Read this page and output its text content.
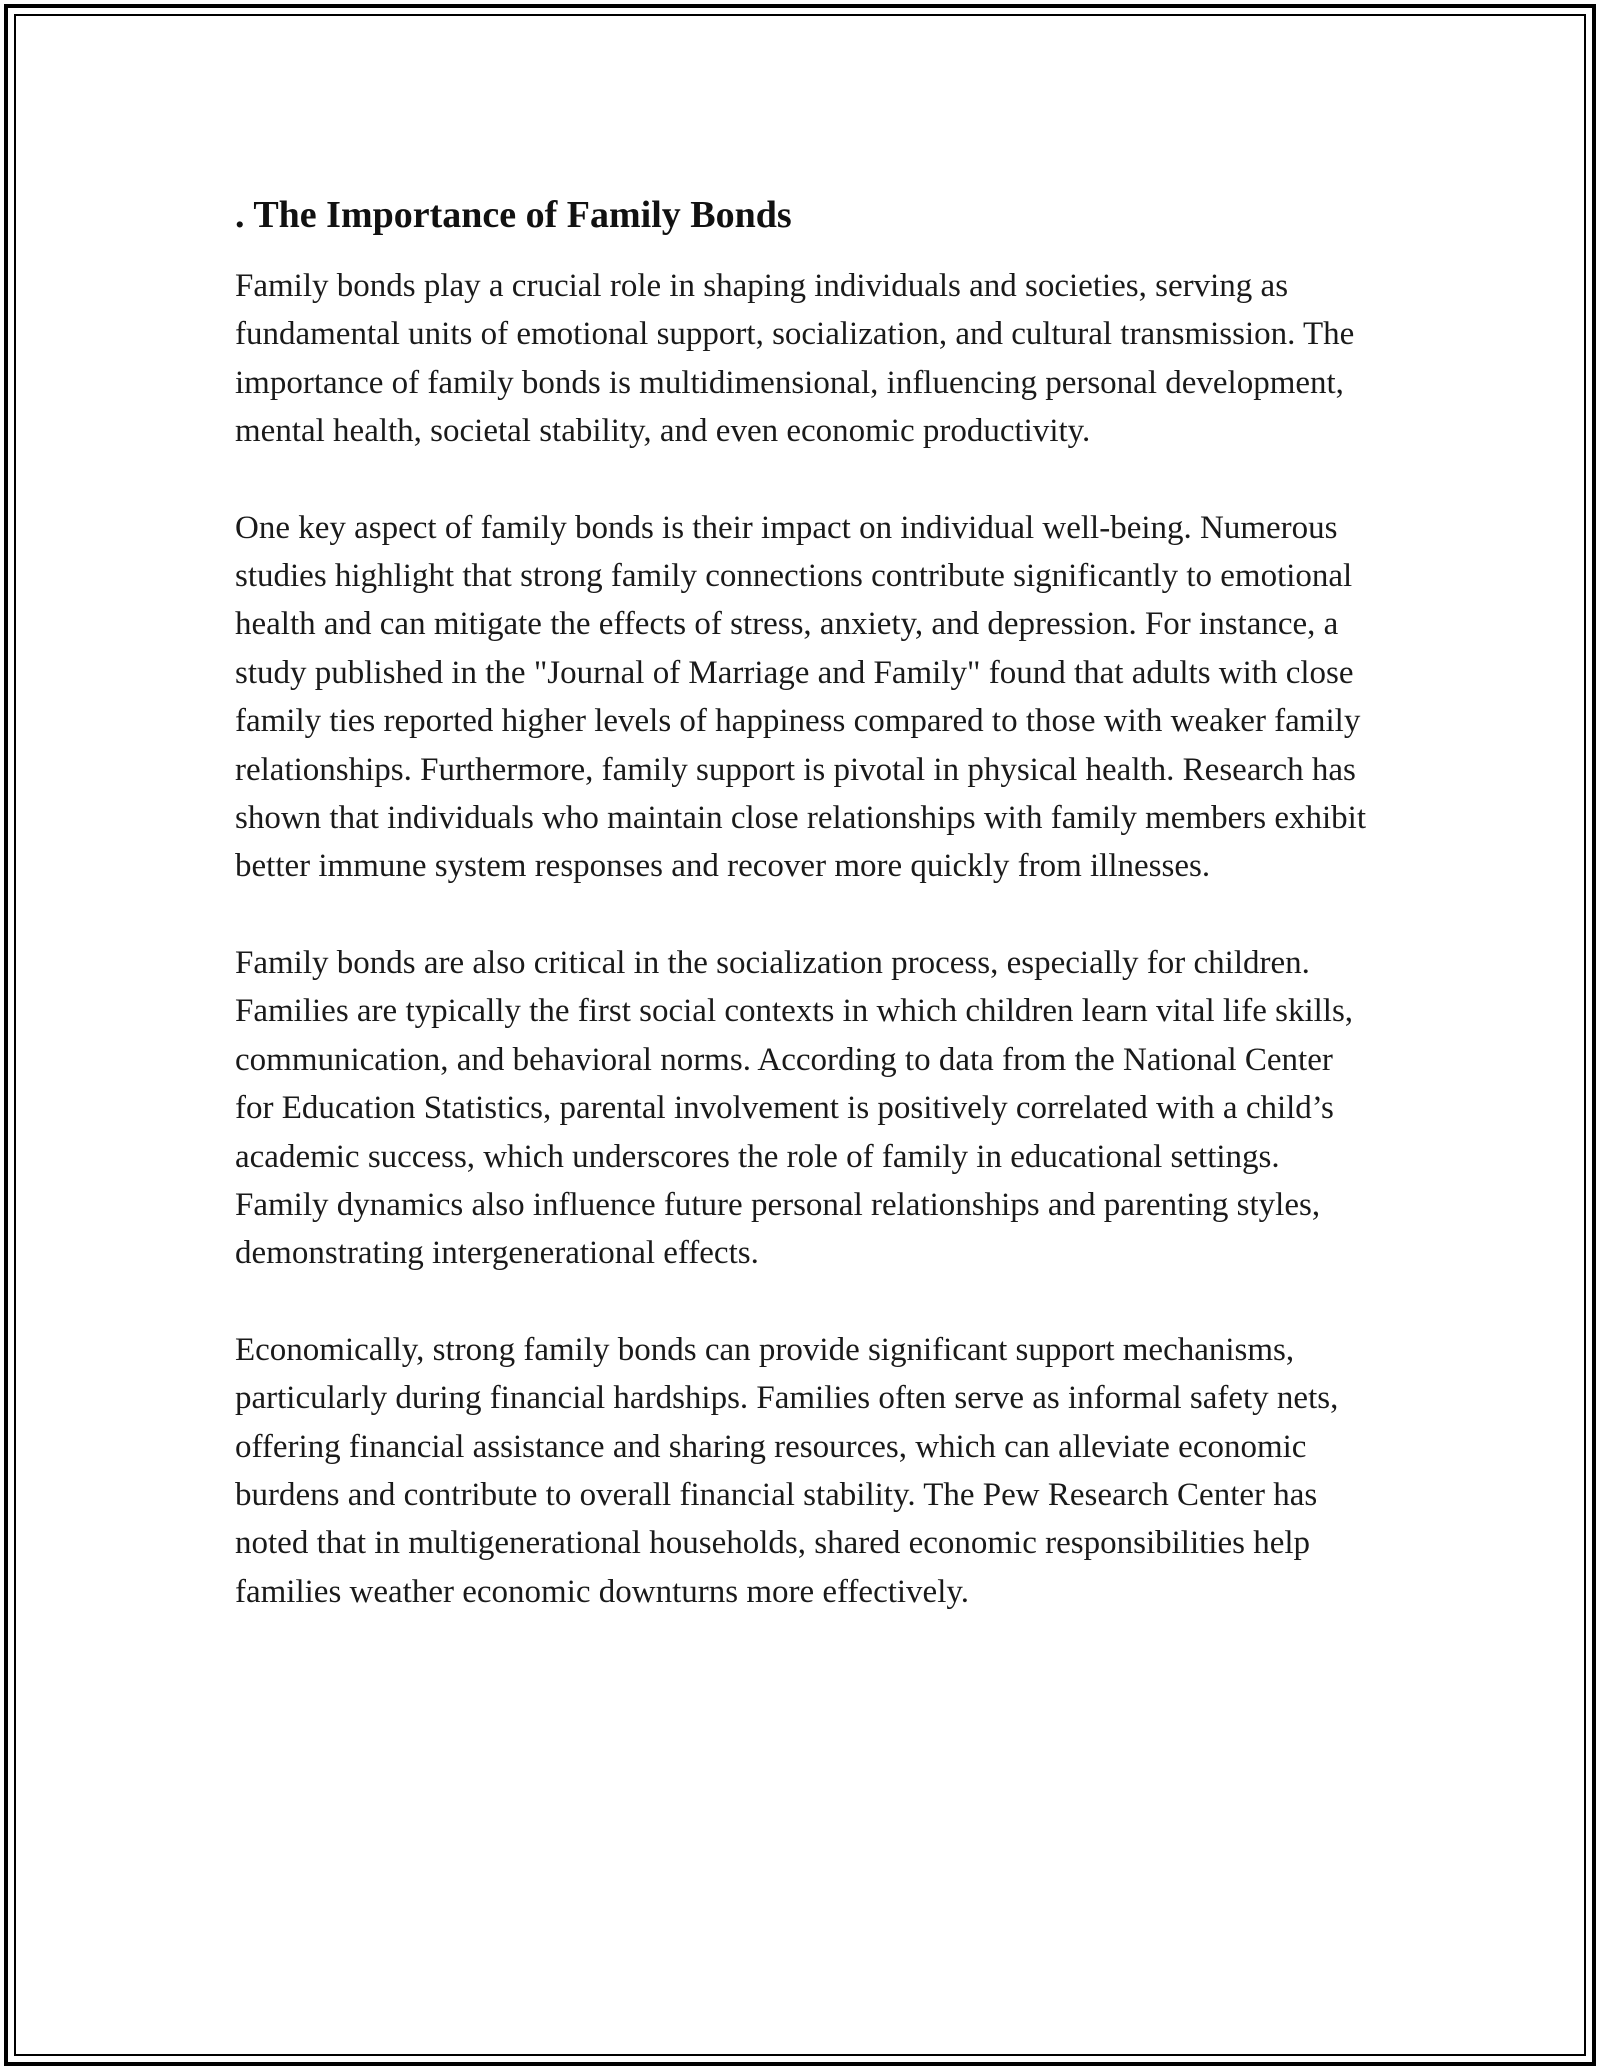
. The Importance of Family Bonds

Family bonds play a crucial role in shaping individuals and societies, serving as fundamental units of emotional support, socialization, and cultural transmission. The importance of family bonds is multidimensional, influencing personal development, mental health, societal stability, and even economic productivity.

One key aspect of family bonds is their impact on individual well-being. Numerous studies highlight that strong family connections contribute significantly to emotional health and can mitigate the effects of stress, anxiety, and depression. For instance, a study published in the "Journal of Marriage and Family" found that adults with close family ties reported higher levels of happiness compared to those with weaker family relationships. Furthermore, family support is pivotal in physical health. Research has shown that individuals who maintain close relationships with family members exhibit better immune system responses and recover more quickly from illnesses.

Family bonds are also critical in the socialization process, especially for children. Families are typically the first social contexts in which children learn vital life skills, communication, and behavioral norms. According to data from the National Center for Education Statistics, parental involvement is positively correlated with a child’s academic success, which underscores the role of family in educational settings. Family dynamics also influence future personal relationships and parenting styles, demonstrating intergenerational effects.

Economically, strong family bonds can provide significant support mechanisms, particularly during financial hardships. Families often serve as informal safety nets, offering financial assistance and sharing resources, which can alleviate economic burdens and contribute to overall financial stability. The Pew Research Center has noted that in multigenerational households, shared economic responsibilities help families weather economic downturns more effectively.
